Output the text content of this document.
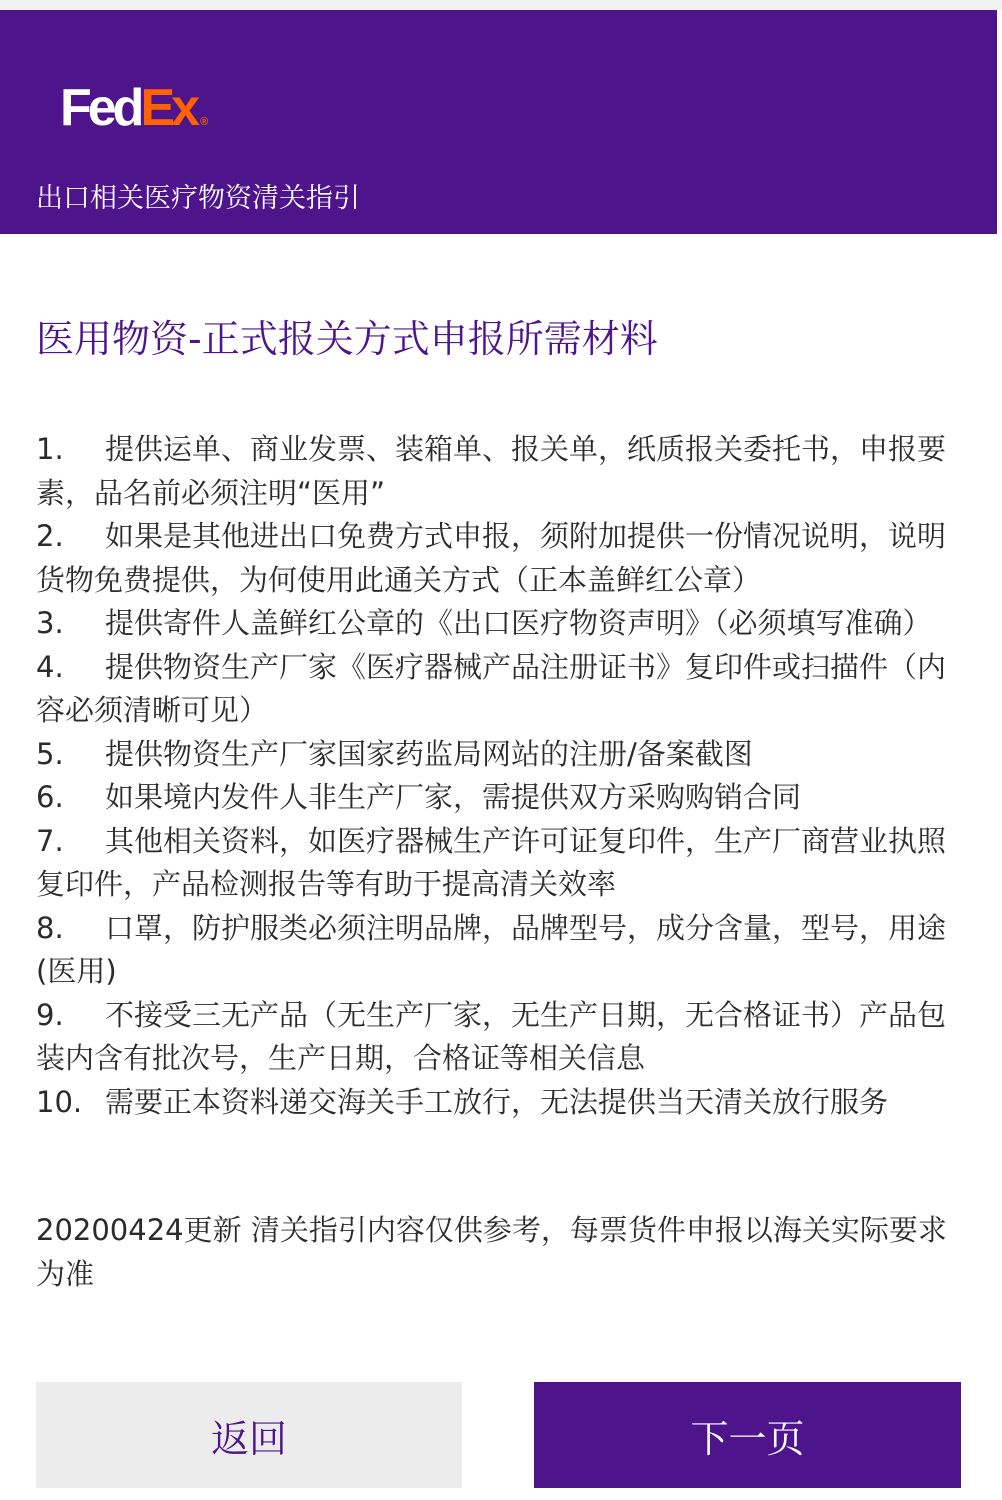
FedEx ®
出口相关医疗物资清关指引
医用物资-正式报关方式申报所需材料
1. 提供运单、商业发票、装箱单、报关单，纸质报关委托书，申报要素，品名前必须注明“医用”
2. 如果是其他进出口免费方式申报，须附加提供一份情况说明，说明货物免费提供，为何使用此通关方式（正本盖鲜红公章）
3. 提供寄件人盖鲜红公章的《出口医疗物资声明》（必须填写准确）
4. 提供物资生产厂家《医疗器械产品注册证书》复印件或扫描件（内容必须清晰可见）
5. 提供物资生产厂家国家药监局网站的注册/备案截图
6. 如果境内发件人非生产厂家，需提供双方采购购销合同
7. 其他相关资料，如医疗器械生产许可证复印件，生产厂商营业执照复印件，产品检测报告等有助于提高清关效率
8. 口罩，防护服类必须注明品牌，品牌型号，成分含量，型号，用途(医用)
9. 不接受三无产品（无生产厂家，无生产日期，无合格证书）产品包装内含有批次号，生产日期，合格证等相关信息
10. 需要正本资料递交海关手工放行，无法提供当天清关放行服务
20200424更新 清关指引内容仅供参考，每票货件申报以海关实际要求为准
返回	下一页
